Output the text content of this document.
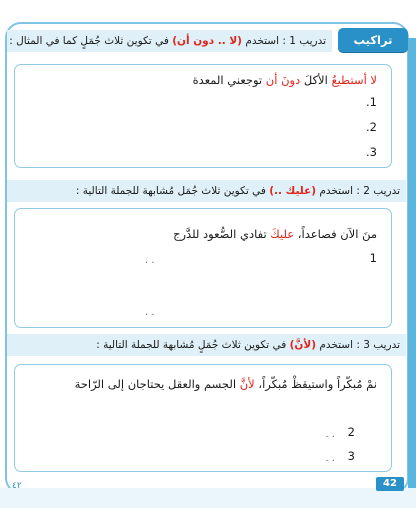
تراكيب
تدريب 1 : استخدم (لا .. دون أن) في تكوين ثلاث جُمَلٍ كما في المثال :
لا أستطيعُ الأكلَ دونَ أن توجعني المعدة
1.
2.
3.
تدريب 2 : استخدم (عليك ..) في تكوين ثلاث جُمَل مُشابهة للجملة التالية :
منَ الآن فصاعداً، عليكَ تفادي الصُّعود للدَّرج
1
. .
. .
تدريب 3 : استخدم (لأنَّ) في تكوين ثلاث جُمَلٍ مُشابهة للجملة التالية :
نمْ مُبكّراً واستيقظْ مُبكّراً، لأنَّ الجسم والعقل يحتاجان إلى الرّاحة
2
. .
3
. .
42
٤٢
